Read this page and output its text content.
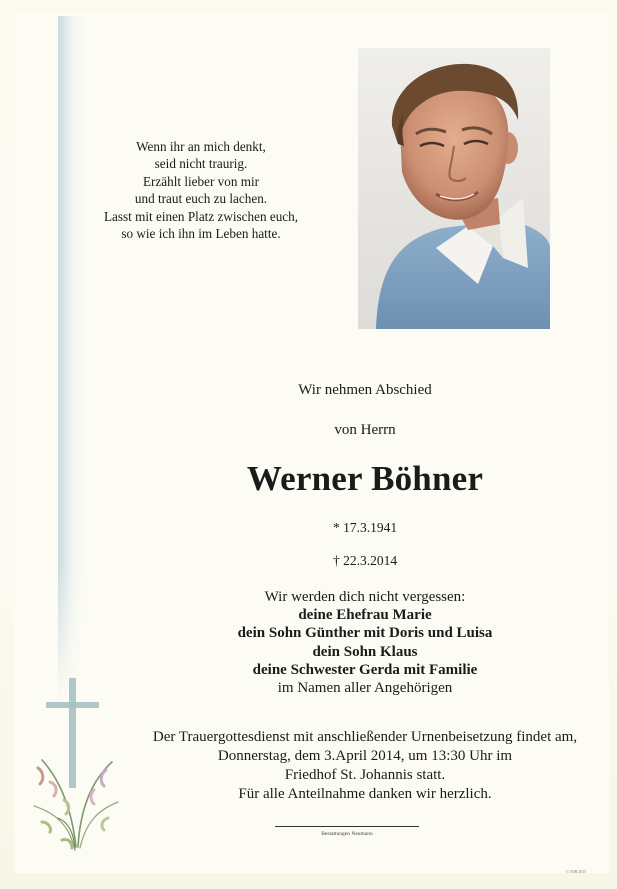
Wenn ihr an mich denkt,
seid nicht traurig.
Erzählt lieber von mir
und traut euch zu lachen.
Lasst mit einen Platz zwischen euch,
so wie ich ihn im Leben hatte.
Wir nehmen Abschied
von Herrn
Werner Böhner
* 17.3.1941
† 22.3.2014
Wir werden dich nicht vergessen:
deine Ehefrau Marie
dein Sohn Günther mit Doris und Luisa
dein Sohn Klaus
deine Schwester Gerda mit Familie
im Namen aller Angehörigen
Der Trauergottesdienst mit anschließender Urnenbeisetzung findet am,
Donnerstag, dem 3.April 2014, um 13:30 Uhr im
Friedhof St. Johannis statt.
Für alle Anteilnahme danken wir herzlich.
Bestattungen Neumann
© JOB 2015
